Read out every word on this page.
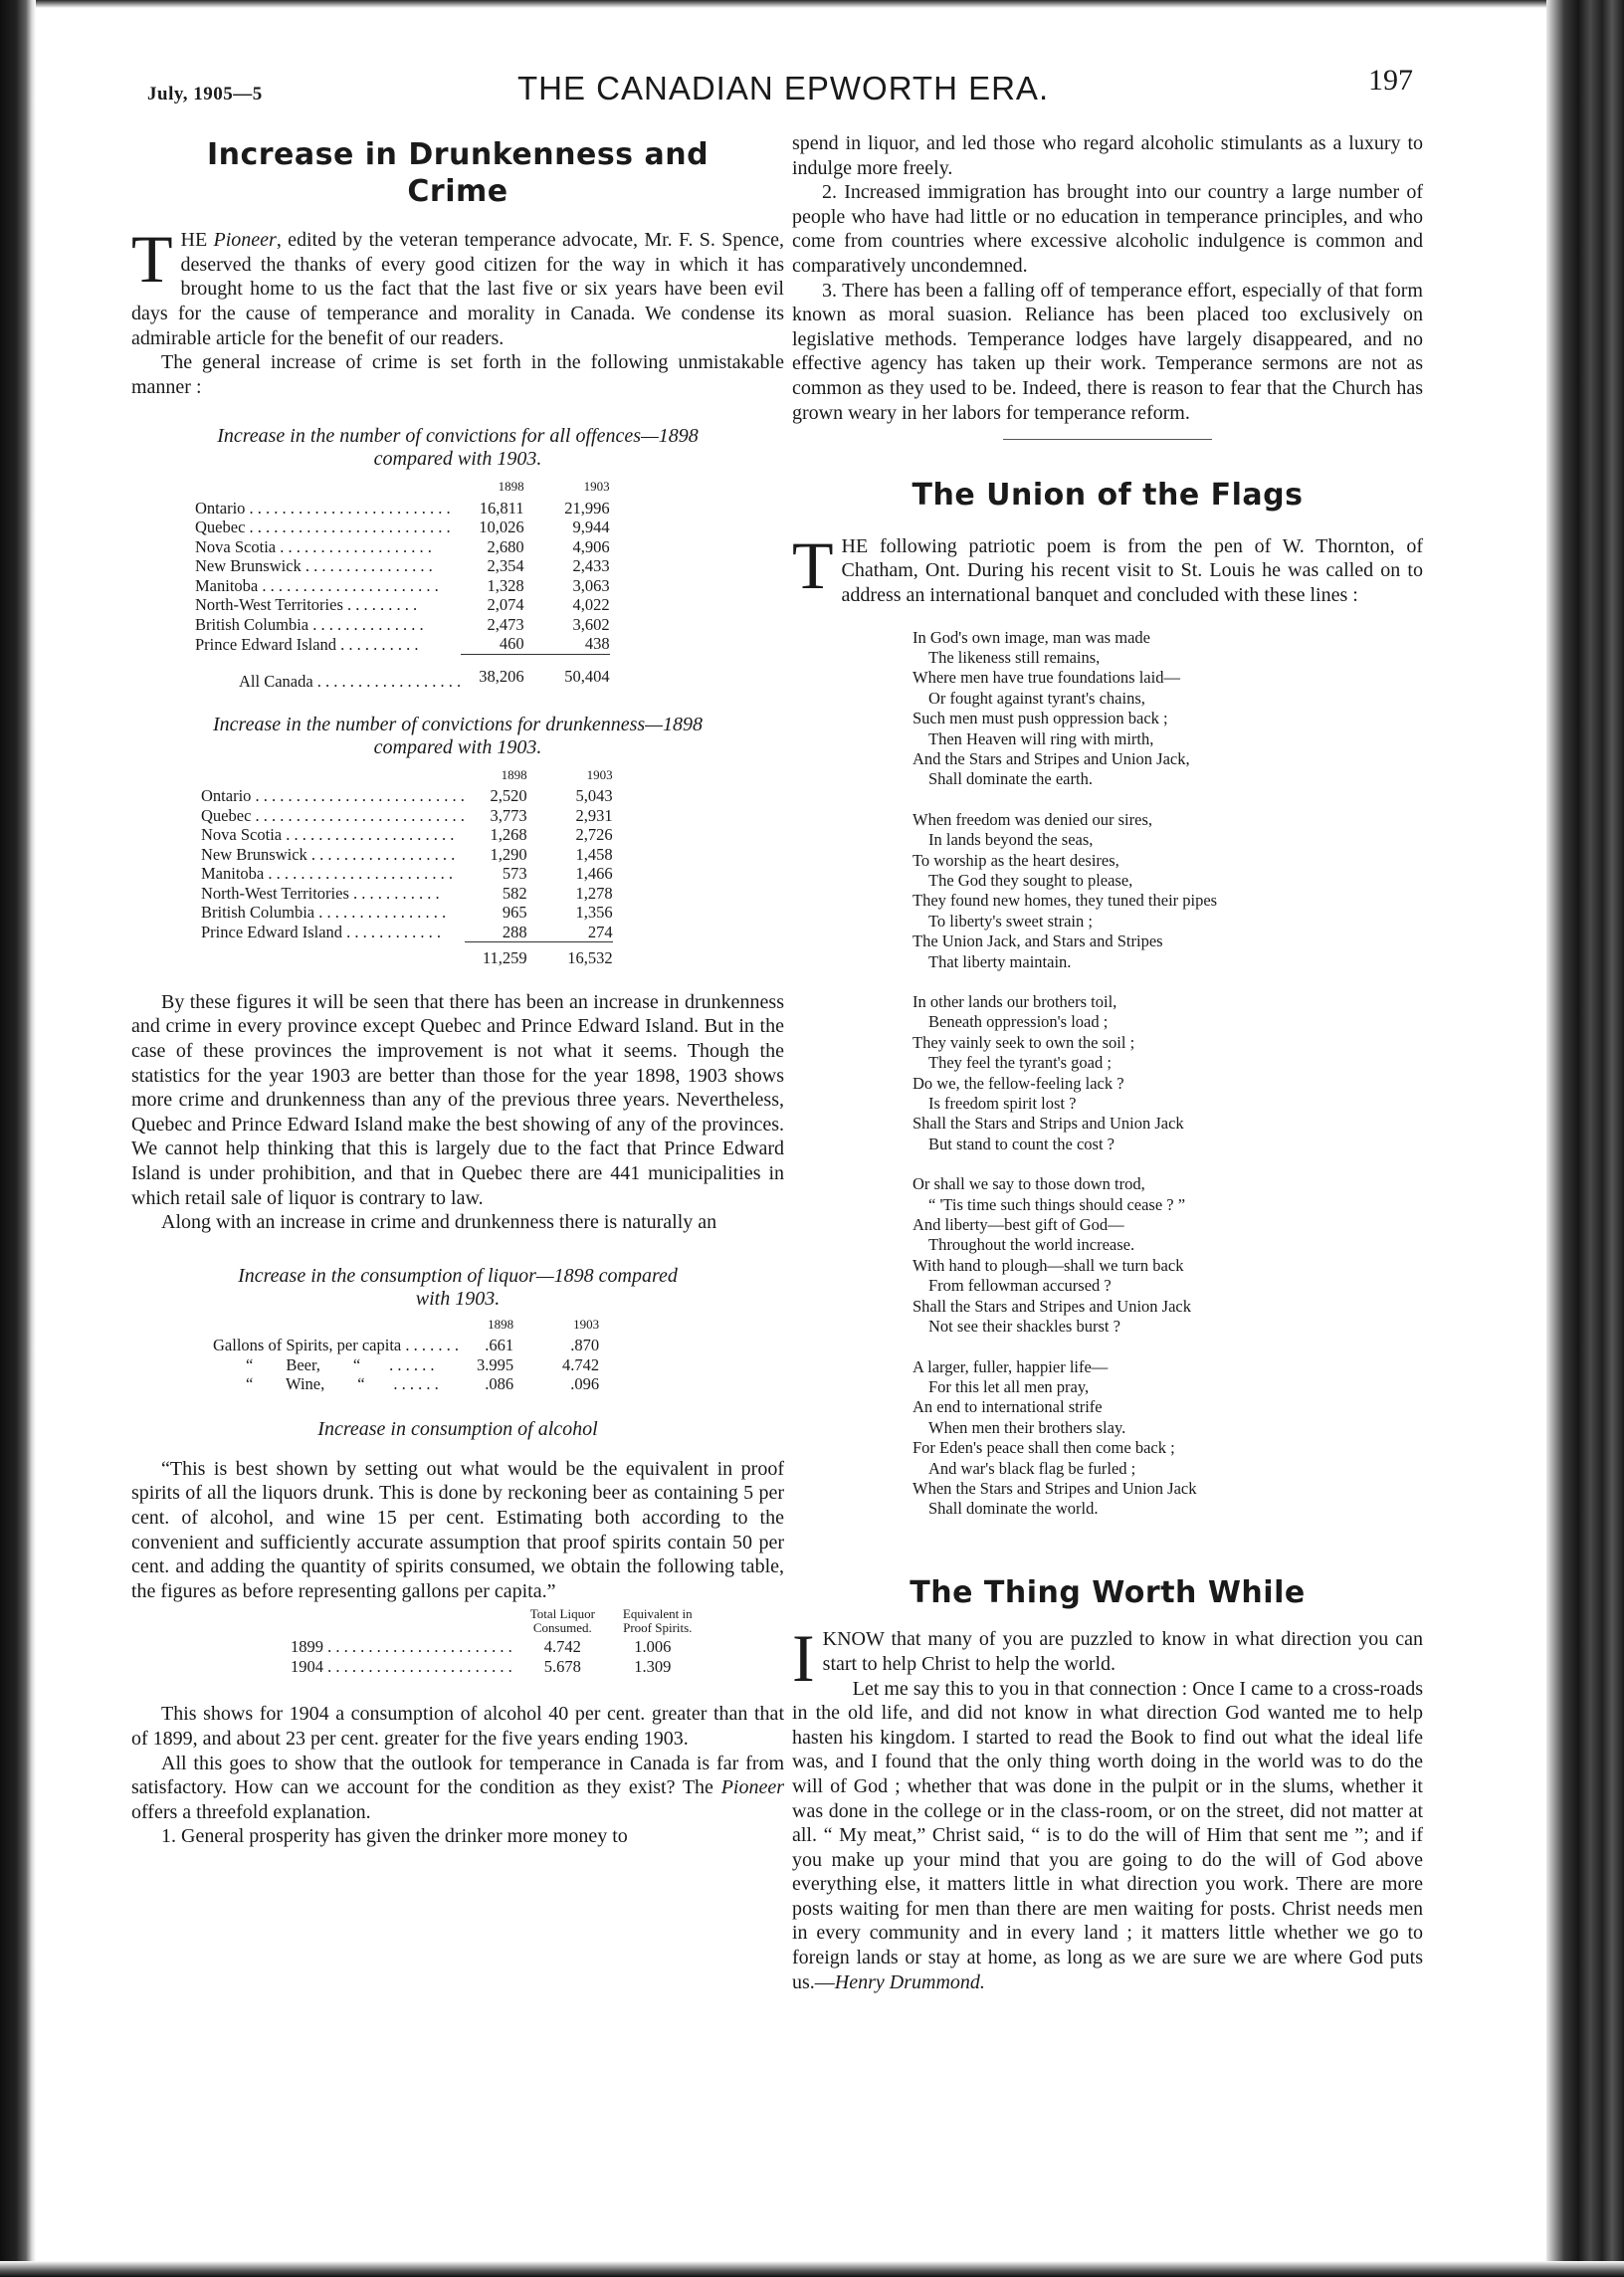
July, 1905—5	THE CANADIAN EPWORTH ERA.	197
Increase in Drunkenness and
Crime

THE Pioneer, edited by the veteran temperance advocate, Mr. F. S. Spence, deserved the thanks of every good citizen for the way in which it has brought home to us the fact that the last five or six years have been evil days for the cause of temperance and morality in Canada. We condense its admirable article for the benefit of our readers.

The general increase of crime is set forth in the following unmistakable manner :

Increase in the number of convictions for all offences—1898
compared with 1903.

	1898	1903
Ontario . . . . . . . . . . . . . . . . . . . . . . . . .	16,811	21,996
Quebec . . . . . . . . . . . . . . . . . . . . . . . . .	10,026	9,944
Nova Scotia . . . . . . . . . . . . . . . . . . .	2,680	4,906
New Brunswick . . . . . . . . . . . . . . . .	2,354	2,433
Manitoba . . . . . . . . . . . . . . . . . . . . . .	1,328	3,063
North-West Territories . . . . . . . . .	2,074	4,022
British Columbia . . . . . . . . . . . . . .	2,473	3,602
Prince Edward Island . . . . . . . . . .	460	438
All Canada . . . . . . . . . . . . . . . . . .	38,206	50,404

Increase in the number of convictions for drunkenness—1898
compared with 1903.

	1898	1903
Ontario . . . . . . . . . . . . . . . . . . . . . . . . . .	2,520	5,043
Quebec . . . . . . . . . . . . . . . . . . . . . . . . . .	3,773	2,931
Nova Scotia . . . . . . . . . . . . . . . . . . . . .	1,268	2,726
New Brunswick . . . . . . . . . . . . . . . . . .	1,290	1,458
Manitoba . . . . . . . . . . . . . . . . . . . . . . .	573	1,466
North-West Territories . . . . . . . . . . .	582	1,278
British Columbia . . . . . . . . . . . . . . . .	965	1,356
Prince Edward Island . . . . . . . . . . . .	288	274
	11,259	16,532

By these figures it will be seen that there has been an increase in drunkenness and crime in every province except Quebec and Prince Edward Island. But in the case of these provinces the improvement is not what it seems. Though the statistics for the year 1903 are better than those for the year 1898, 1903 shows more crime and drunkenness than any of the previous three years. Nevertheless, Quebec and Prince Edward Island make the best showing of any of the provinces. We cannot help thinking that this is largely due to the fact that Prince Edward Island is under prohibition, and that in Quebec there are 441 municipalities in which retail sale of liquor is contrary to law.

Along with an increase in crime and drunkenness there is naturally an

Increase in the consumption of liquor—1898 compared
with 1903.

	1898	1903
Gallons of Spirits, per capita . . . . . . .	.661	.870
“        Beer,        “       . . . . . .	3.995	4.742
“        Wine,        “       . . . . . .	.086	.096

Increase in consumption of alcohol

“This is best shown by setting out what would be the equivalent in proof spirits of all the liquors drunk. This is done by reckoning beer as containing 5 per cent. of alcohol, and wine 15 per cent. Estimating both according to the convenient and sufficiently accurate assumption that proof spirits contain 50 per cent. and adding the quantity of spirits consumed, we obtain the following table, the figures as before representing gallons per capita.”

	Total Liquor
Consumed.	Equivalent in
Proof Spirits.
1899 . . . . . . . . . . . . . . . . . . . . . . .	4.742	1.006
1904 . . . . . . . . . . . . . . . . . . . . . . .	5.678	1.309

This shows for 1904 a consumption of alcohol 40 per cent. greater than that of 1899, and about 23 per cent. greater for the five years ending 1903.

All this goes to show that the outlook for temperance in Canada is far from satisfactory. How can we account for the condition as they exist? The Pioneer offers a threefold explanation.

1. General prosperity has given the drinker more money to

spend in liquor, and led those who regard alcoholic stimulants as a luxury to indulge more freely.

2. Increased immigration has brought into our country a large number of people who have had little or no education in temperance principles, and who come from countries where excessive alcoholic indulgence is common and comparatively uncondemned.

3. There has been a falling off of temperance effort, especially of that form known as moral suasion. Reliance has been placed too exclusively on legislative methods. Temperance lodges have largely disappeared, and no effective agency has taken up their work. Temperance sermons are not as common as they used to be. Indeed, there is reason to fear that the Church has grown weary in her labors for temperance reform.

The Union of the Flags

THE following patriotic poem is from the pen of W. Thornton, of Chatham, Ont. During his recent visit to St. Louis he was called on to address an international banquet and concluded with these lines :

In God's own image, man was made
The likeness still remains,
Where men have true foundations laid—
Or fought against tyrant's chains,
Such men must push oppression back ;
Then Heaven will ring with mirth,
And the Stars and Stripes and Union Jack,
Shall dominate the earth.
When freedom was denied our sires,
In lands beyond the seas,
To worship as the heart desires,
The God they sought to please,
They found new homes, they tuned their pipes
To liberty's sweet strain ;
The Union Jack, and Stars and Stripes
That liberty maintain.
In other lands our brothers toil,
Beneath oppression's load ;
They vainly seek to own the soil ;
They feel the tyrant's goad ;
Do we, the fellow-feeling lack ?
Is freedom spirit lost ?
Shall the Stars and Strips and Union Jack
But stand to count the cost ?
Or shall we say to those down trod,
“ 'Tis time such things should cease ? ”
And liberty—best gift of God—
Throughout the world increase.
With hand to plough—shall we turn back
From fellowman accursed ?
Shall the Stars and Stripes and Union Jack
Not see their shackles burst ?
A larger, fuller, happier life—
For this let all men pray,
An end to international strife
When men their brothers slay.
For Eden's peace shall then come back ;
And war's black flag be furled ;
When the Stars and Stripes and Union Jack
Shall dominate the world.
The Thing Worth While

IKNOW that many of you are puzzled to know in what direction you can start to help Christ to help the world.

Let me say this to you in that connection : Once I came to a cross-roads in the old life, and did not know in what direction God wanted me to help hasten his kingdom. I started to read the Book to find out what the ideal life was, and I found that the only thing worth doing in the world was to do the will of God ; whether that was done in the pulpit or in the slums, whether it was done in the college or in the class-room, or on the street, did not matter at all. “ My meat,” Christ said, “ is to do the will of Him that sent me ”; and if you make up your mind that you are going to do the will of God above everything else, it matters little in what direction you work. There are more posts waiting for men than there are men waiting for posts. Christ needs men in every community and in every land ; it matters little whether we go to foreign lands or stay at home, as long as we are sure we are where God puts us.—Henry Drummond.
